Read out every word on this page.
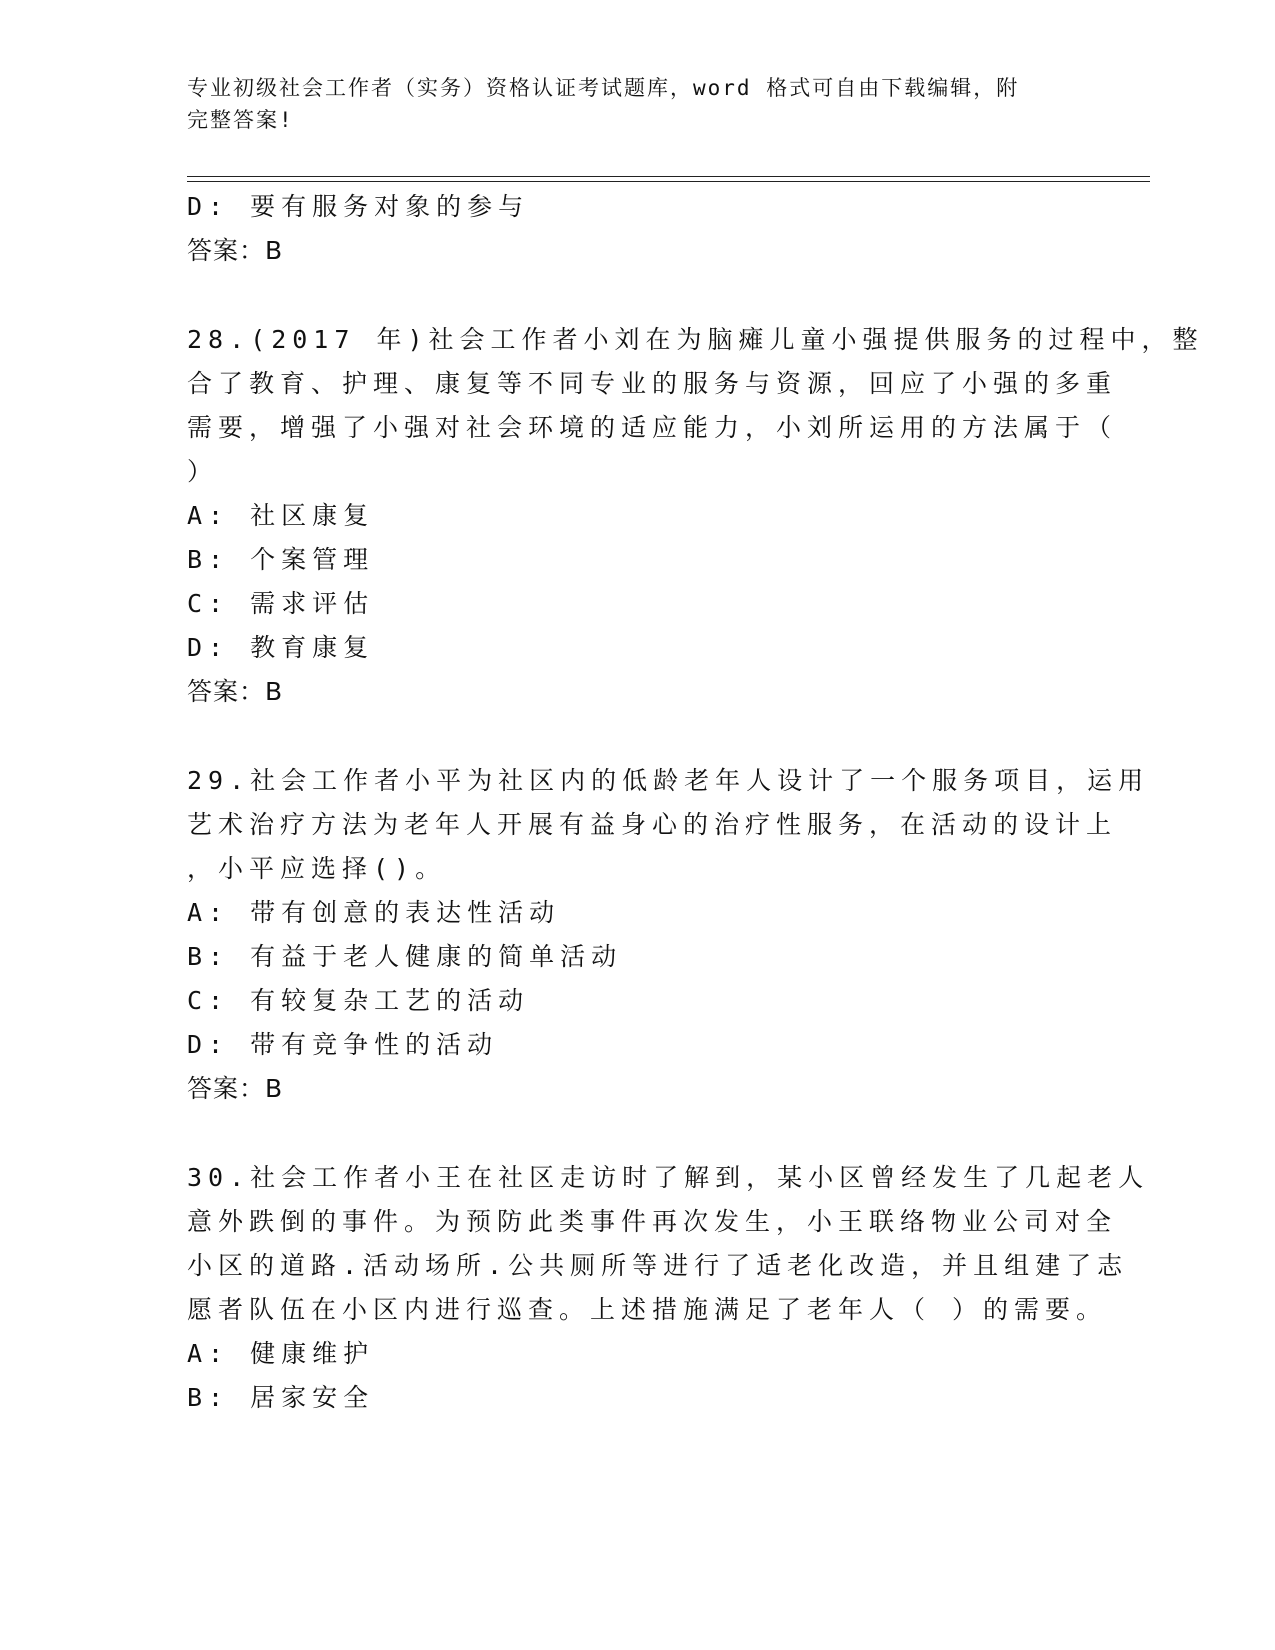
专业初级社会工作者（实务）资格认证考试题库，word 格式可自由下载编辑，附
完整答案!
D: 要有服务对象的参与
答案：B
28.(2017 年)社会工作者小刘在为脑瘫儿童小强提供服务的过程中，整
合了教育、护理、康复等不同专业的服务与资源，回应了小强的多重
需要，增强了小强对社会环境的适应能力，小刘所运用的方法属于（
）
A: 社区康复
B: 个案管理
C: 需求评估
D: 教育康复
答案：B
29.社会工作者小平为社区内的低龄老年人设计了一个服务项目，运用
艺术治疗方法为老年人开展有益身心的治疗性服务，在活动的设计上
，小平应选择()。
A: 带有创意的表达性活动
B: 有益于老人健康的简单活动
C: 有较复杂工艺的活动
D: 带有竞争性的活动
答案：B
30.社会工作者小王在社区走访时了解到，某小区曾经发生了几起老人
意外跌倒的事件。为预防此类事件再次发生，小王联络物业公司对全
小区的道路.活动场所.公共厕所等进行了适老化改造，并且组建了志
愿者队伍在小区内进行巡查。上述措施满足了老年人（ ）的需要。
A: 健康维护
B: 居家安全
